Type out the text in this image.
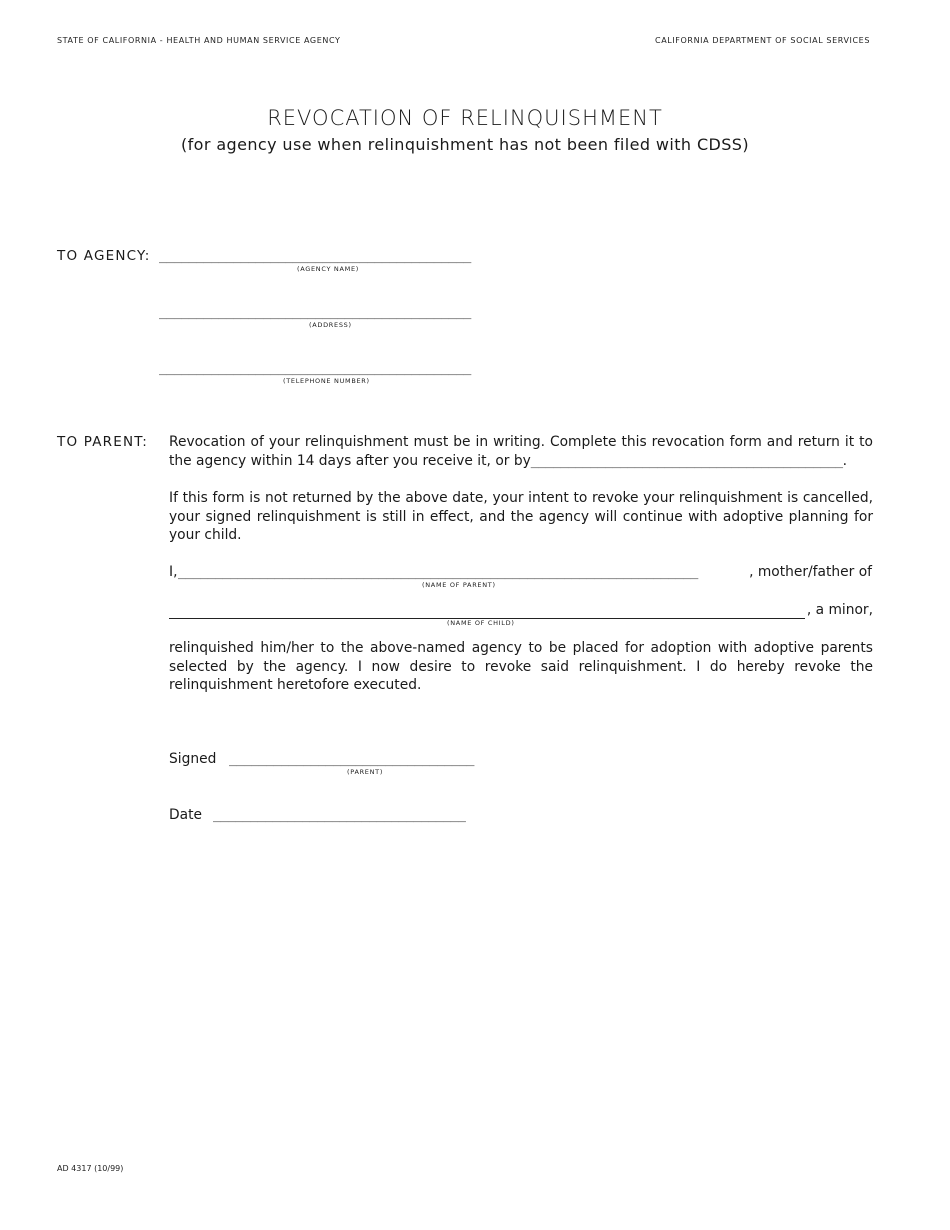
STATE OF CALIFORNIA - HEALTH AND HUMAN SERVICE AGENCY	CALIFORNIA DEPARTMENT OF SOCIAL SERVICES
REVOCATION OF RELINQUISHMENT
(for agency use when relinquishment has not been filed with CDSS)
TO AGENCY: __________________________________________
(AGENCY NAME)
__________________________________________
(ADDRESS)
__________________________________________
(TELEPHONE NUMBER)
TO PARENT: Revocation of your relinquishment must be in writing. Complete this revocation form and return it to the agency within 14 days after you receive it, or by__________________________________________.
If this form is not returned by the above date, your intent to revoke your relinquishment is cancelled, your signed relinquishment is still in effect, and the agency will continue with adoptive planning for your child.
I, ______________________________________________________________________	, mother/father of
(NAME OF PARENT)
, a minor,
(NAME OF CHILD)
relinquished him/her to the above-named agency to be placed for adoption with adoptive parents selected by the agency. I now desire to revoke said relinquishment. I do hereby revoke the relinquishment heretofore executed.
Signed _________________________________
(PARENT)
Date __________________________________
AD 4317 (10/99)
